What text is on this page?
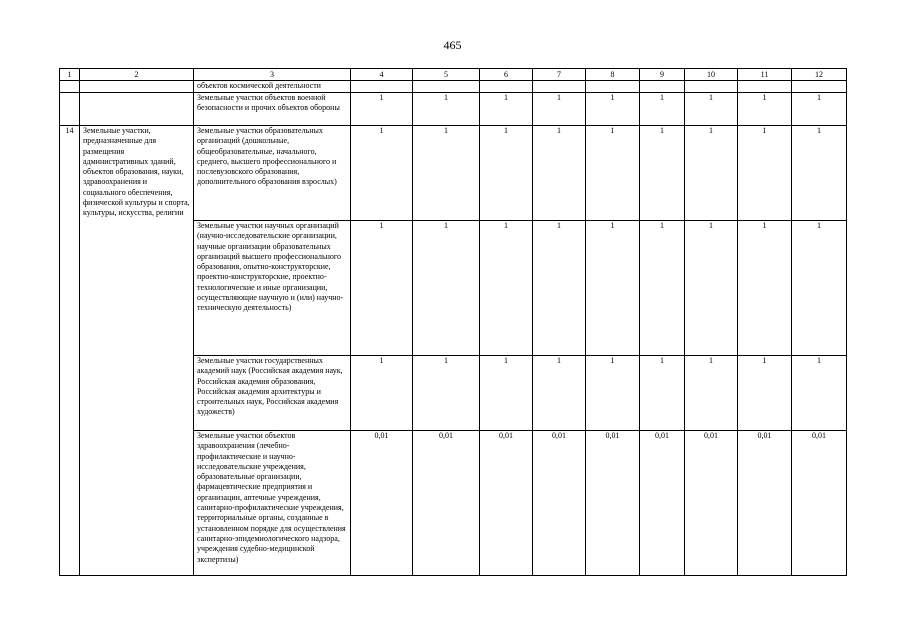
465
1	2	3	4	5	6	7	8	9	10	11	12
		объектов космической деятельности									
		Земельные участки объектов военной безопасности и прочих объектов обороны	1	1	1	1	1	1	1	1	1
14	Земельные участки, предназначенные для размещения административных зданий, объектов образования, науки, здравоохранения и социального обеспечения, физической культуры и спорта, культуры, искусства, религии	Земельные участки образовательных организаций (дошкольные, общеобразовательные, начального, среднего, высшего профессионального и послевузовского образования, дополнительного образования взрослых)	1	1	1	1	1	1	1	1	1
		Земельные участки научных организаций (научно-исследовательские организации, научные организации образовательных организаций высшего профессионального образования, опытно-конструкторские, проектно-конструкторские, проектно-технологические и иные организации, осуществляющие научную и (или) научно-техническую деятельность)	1	1	1	1	1	1	1	1	1
		Земельные участки государственных академий наук (Российская академия наук, Российская академия образования, Российская академия архитектуры и строительных наук, Российская академия художеств)	1	1	1	1	1	1	1	1	1
		Земельные участки объектов здравоохранения (лечебно-профилактические и научно-исследовательские учреждения, образовательные организации, фармацевтические предприятия и организации, аптечные учреждения, санитарно-профилактические учреждения, территориальные органы, созданные в установленном порядке для осуществления санитарно-эпидемиологического надзора, учреждения судебно-медицинской экспертизы)	0,01	0,01	0,01	0,01	0,01	0,01	0,01	0,01	0,01
